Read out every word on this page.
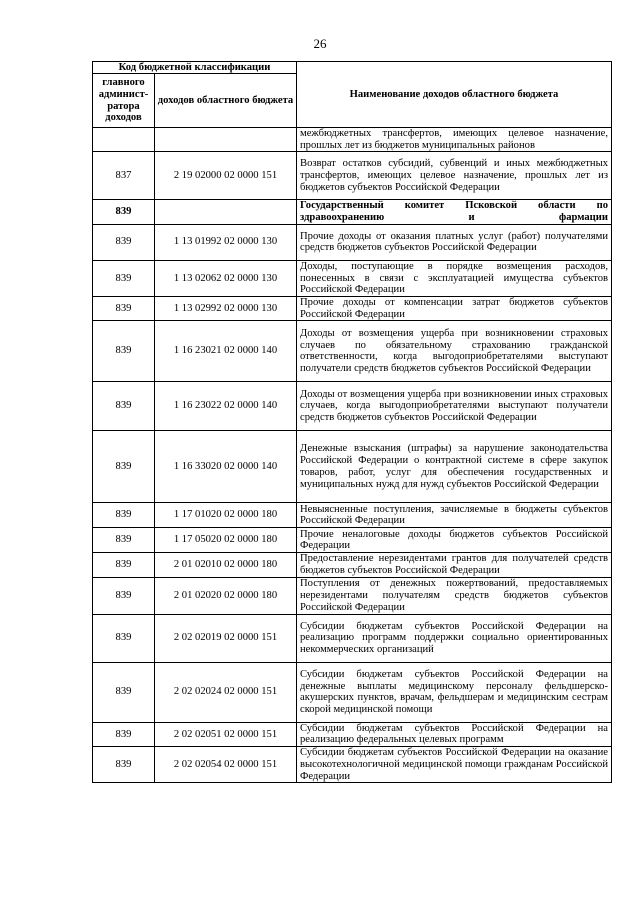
26
Код бюджетной классификации		Наименование доходов областного бюджета
главного админист-ратора доходов	доходов областного бюджета	
		межбюджетных трансфертов, имеющих целевое назначение, прошлых лет из бюджетов муниципальных районов
837	2 19 02000 02 0000 151	Возврат остатков субсидий, субвенций и иных межбюджетных трансфертов, имеющих целевое назначение, прошлых лет из бюджетов субъектов Российской Федерации
839		Государственный комитет Псковской области по здравоохранению и фармации
839	1 13 01992 02 0000 130	Прочие доходы от оказания платных услуг (работ) получателями средств бюджетов субъектов Российской Федерации
839	1 13 02062 02 0000 130	Доходы, поступающие в порядке возмещения расходов, понесенных в связи с эксплуатацией имущества субъектов Российской Федерации
839	1 13 02992 02 0000 130	Прочие доходы от компенсации затрат бюджетов субъектов Российской Федерации
839	1 16 23021 02 0000 140	Доходы от возмещения ущерба при возникновении страховых случаев по обязательному страхованию гражданской ответственности, когда выгодоприобретателями выступают получатели средств бюджетов субъектов Российской Федерации
839	1 16 23022 02 0000 140	Доходы от возмещения ущерба при возникновении иных страховых случаев, когда выгодоприобретателями выступают получатели средств бюджетов субъектов Российской Федерации
839	1 16 33020 02 0000 140	Денежные взыскания (штрафы) за нарушение законодательства Российской Федерации о контрактной системе в сфере закупок товаров, работ, услуг для обеспечения государственных и муниципальных нужд для нужд субъектов Российской Федерации
839	1 17 01020 02 0000 180	Невыясненные поступления, зачисляемые в бюджеты субъектов Российской Федерации
839	1 17 05020 02 0000 180	Прочие неналоговые доходы бюджетов субъектов Российской Федерации
839	2 01 02010 02 0000 180	Предоставление нерезидентами грантов для получателей средств бюджетов субъектов Российской Федерации
839	2 01 02020 02 0000 180	Поступления от денежных пожертвований, предоставляемых нерезидентами получателям средств бюджетов субъектов Российской Федерации
839	2 02 02019 02 0000 151	Субсидии бюджетам субъектов Российской Федерации на реализацию программ поддержки социально ориентированных некоммерческих организаций
839	2 02 02024 02 0000 151	Субсидии бюджетам субъектов Российской Федерации на денежные выплаты медицинскому персоналу фельдшерско-акушерских пунктов, врачам, фельдшерам и медицинским сестрам скорой медицинской помощи
839	2 02 02051 02 0000 151	Субсидии бюджетам субъектов Российской Федерации на реализацию федеральных целевых программ
839	2 02 02054 02 0000 151	Субсидии бюджетам субъектов Российской Федерации на оказание высокотехнологичной медицинской помощи гражданам Российской Федерации
